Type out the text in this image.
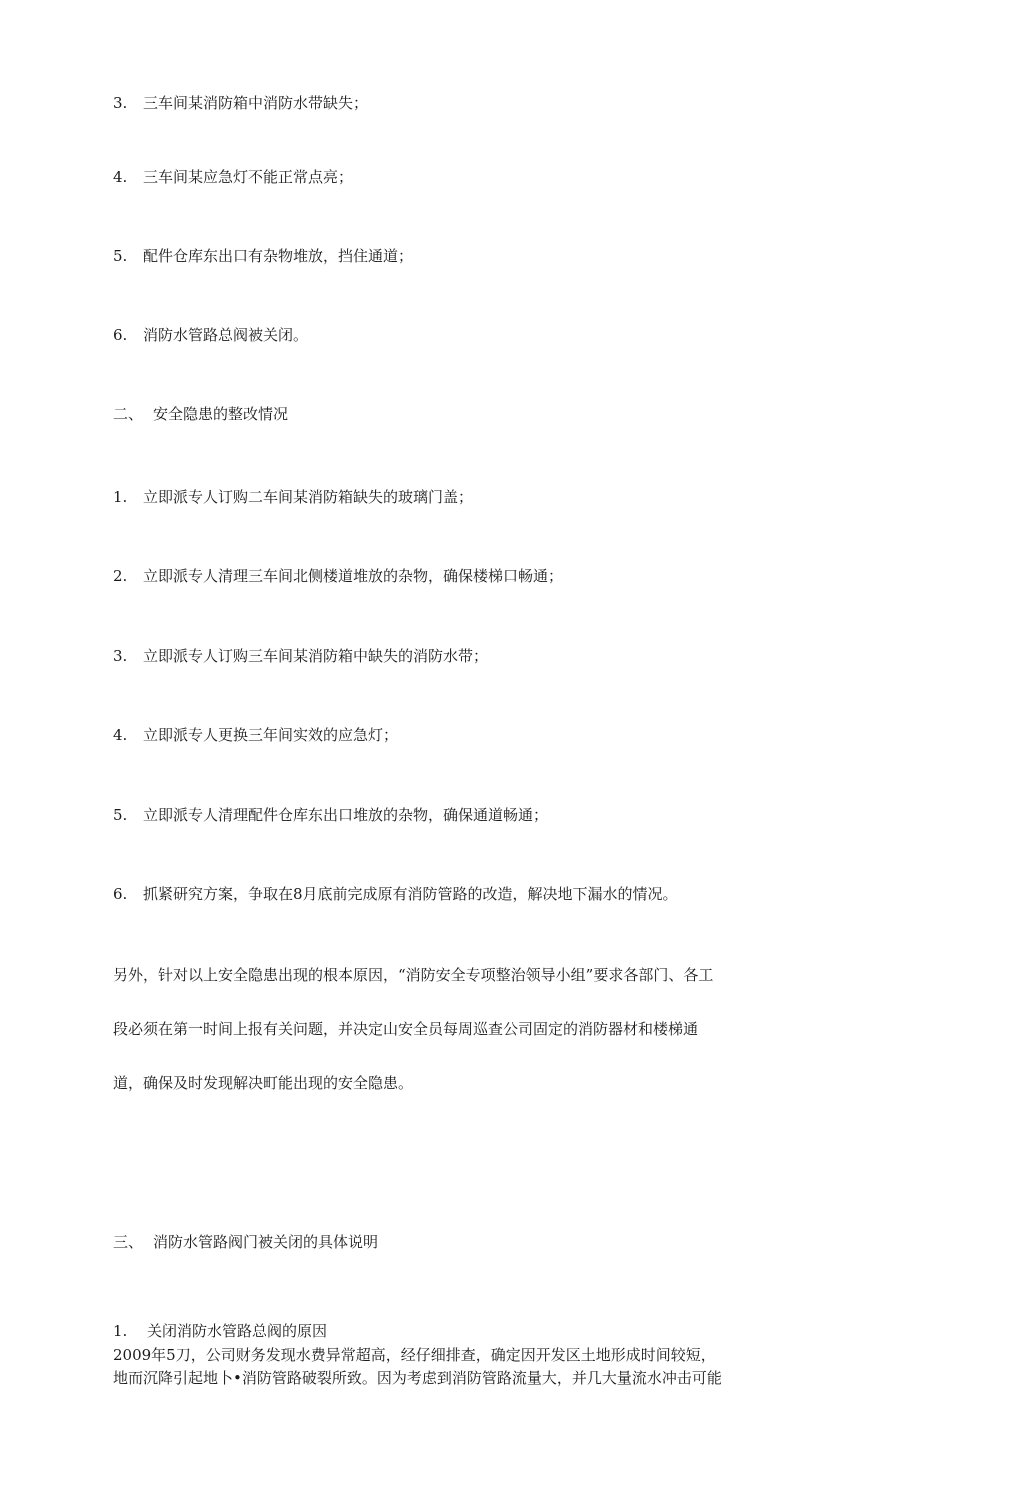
3. 三车间某消防箱中消防水带缺失；
4. 三车间某应急灯不能正常点亮；
5. 配件仓库东出口有杂物堆放，挡住通道；
6. 消防水管路总阀被关闭。
二、 安全隐患的整改情况
1. 立即派专人订购二车间某消防箱缺失的玻璃门盖；
2. 立即派专人清理三车间北侧楼道堆放的杂物，确保楼梯口畅通；
3. 立即派专人订购三车间某消防箱中缺失的消防水带；
4. 立即派专人更换三年间实效的应急灯；
5. 立即派专人清理配件仓库东出口堆放的杂物，确保通道畅通；
6. 抓紧研究方案，争取在8月底前完成原有消防管路的改造，解决地下漏水的情况。
另外，针对以上安全隐患出现的根本原因，“消防安全专项整治领导小组”要求各部门、各工
段必须在第一时间上报有关问题，并决定山安全员每周巡查公司固定的消防器材和楼梯通
道，确保及时发现解决町能出现的安全隐患。
三、 消防水管路阀门被关闭的具体说明
1. 关闭消防水管路总阀的原因
2009年5刀，公司财务发现水费异常超高，经仔细排查，确定因开发区土地形成时间较短，
地而沉降引起地卜•消防管路破裂所致。因为考虑到消防管路流量大，并几大量流水冲击可能
